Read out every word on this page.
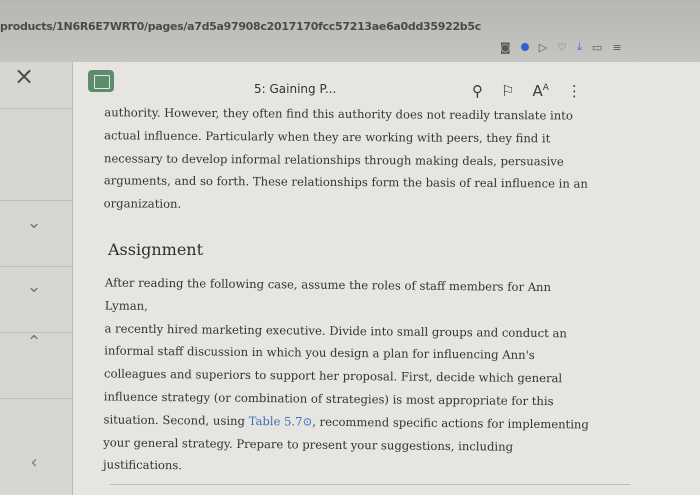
products/1N6R6E7WRT0/pages/a7d5a97908c2017170fcc57213ae6a0dd35922b5c
◙	▷ ♡ ⤓ ▭ ≡
⌄
⌄
⌃
‹
×	5: Gaining P...	⚲ ⚐ $A^A$ ⋮

authority. However, they often find this authority does not readily translate into

actual influence. Particularly when they are working with peers, they find it

necessary to develop informal relationships through making deals, persuasive

arguments, and so forth. These relationships form the basis of real influence in an

organization.

Assignment

After reading the following case, assume the roles of staff members for Ann Lyman,

a recently hired marketing executive. Divide into small groups and conduct an

informal staff discussion in which you design a plan for influencing Ann's

colleagues and superiors to support her proposal. First, decide which general

influence strategy (or combination of strategies) is most appropriate for this

situation. Second, using Table 5.7⊙, recommend specific actions for implementing

your general strategy. Prepare to present your suggestions, including justifications.
